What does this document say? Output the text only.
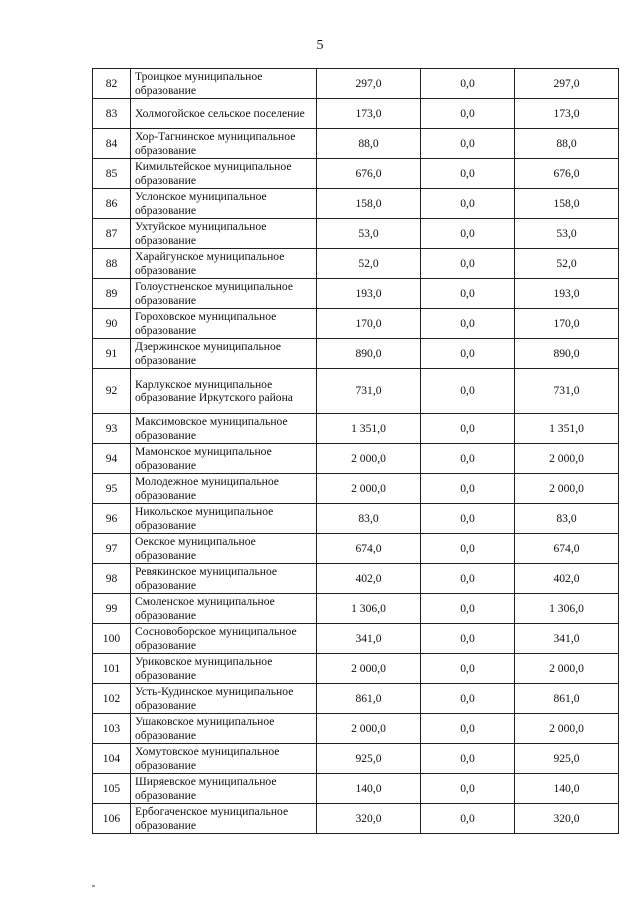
5
82	Троицкое муниципальное образование	297,0	0,0	297,0
83	Холмогойское сельское поселение	173,0	0,0	173,0
84	Хор-Тагнинское муниципальное образование	88,0	0,0	88,0
85	Кимильтейское муниципальное образование	676,0	0,0	676,0
86	Услонское муниципальное образование	158,0	0,0	158,0
87	Ухтуйское муниципальное образование	53,0	0,0	53,0
88	Харайгунское муниципальное образование	52,0	0,0	52,0
89	Голоустненское муниципальное образование	193,0	0,0	193,0
90	Гороховское муниципальное образование	170,0	0,0	170,0
91	Дзержинское муниципальное образование	890,0	0,0	890,0
92	Карлукское муниципальное образование Иркутского района	731,0	0,0	731,0
93	Максимовское муниципальное образование	1 351,0	0,0	1 351,0
94	Мамонское муниципальное образование	2 000,0	0,0	2 000,0
95	Молодежное муниципальное образование	2 000,0	0,0	2 000,0
96	Никольское муниципальное образование	83,0	0,0	83,0
97	Оекское муниципальное образование	674,0	0,0	674,0
98	Ревякинское муниципальное образование	402,0	0,0	402,0
99	Смоленское муниципальное образование	1 306,0	0,0	1 306,0
100	Сосновоборское муниципальное образование	341,0	0,0	341,0
101	Уриковское муниципальное образование	2 000,0	0,0	2 000,0
102	Усть-Кудинское муниципальное образование	861,0	0,0	861,0
103	Ушаковское муниципальное образование	2 000,0	0,0	2 000,0
104	Хомутовское муниципальное образование	925,0	0,0	925,0
105	Ширяевское муниципальное образование	140,0	0,0	140,0
106	Ербогаченское муниципальное образование	320,0	0,0	320,0
